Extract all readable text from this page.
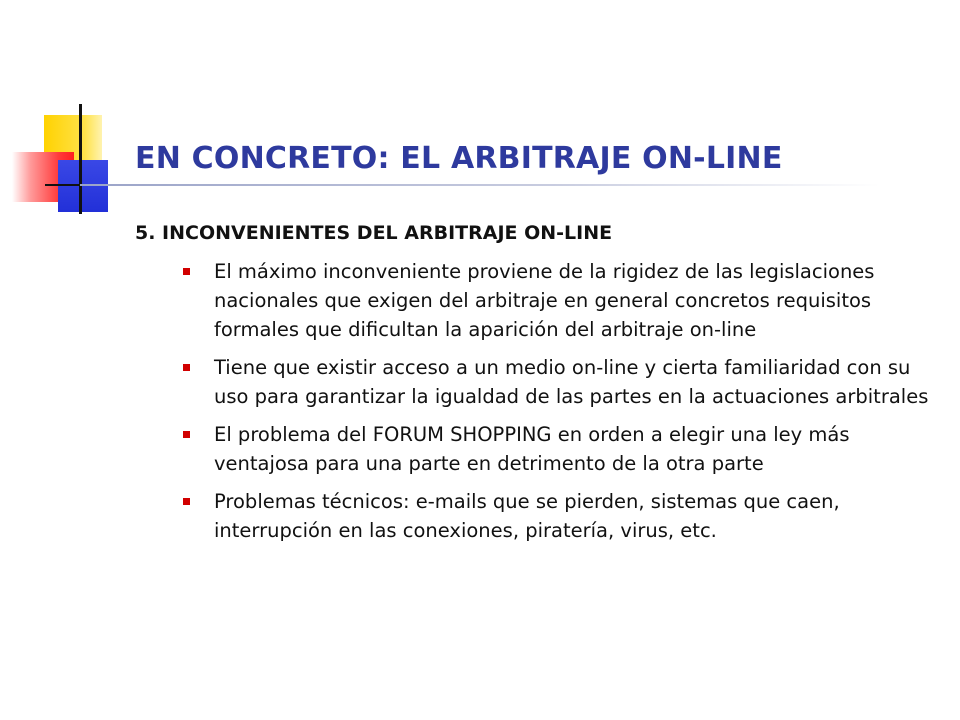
EN CONCRETO: EL ARBITRAJE ON-LINE
5. INCONVENIENTES DEL ARBITRAJE ON-LINE
El máximo inconveniente proviene de la rigidez de las legislaciones nacionales que exigen del arbitraje en general concretos requisitos formales que dificultan la aparición del arbitraje on-line
Tiene que existir acceso a un medio on-line y cierta familiaridad con su uso para garantizar la igualdad de las partes en la actuaciones arbitrales
El problema del FORUM SHOPPING en orden a elegir una ley más ventajosa para una parte en detrimento de la otra parte
Problemas técnicos: e-mails que se pierden, sistemas que caen, interrupción en las conexiones, piratería, virus, etc.
